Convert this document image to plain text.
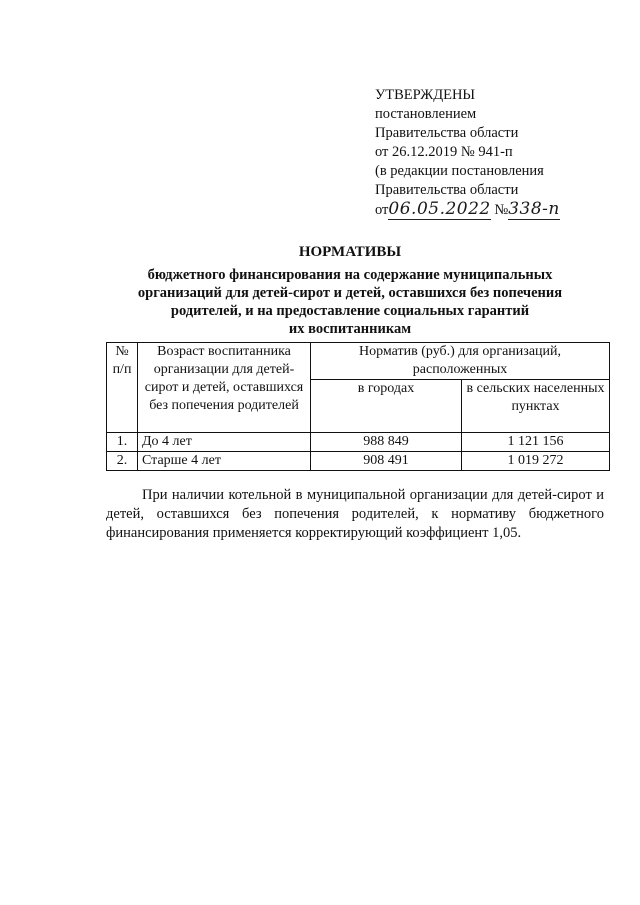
УТВЕРЖДЕНЫ
постановлением
Правительства области
от 26.12.2019 № 941-п
(в редакции постановления
Правительства области
от06.05.2022 №338-п
НОРМАТИВЫ
бюджетного финансирования на содержание муниципальных
организаций для детей-сирот и детей, оставшихся без попечения
родителей, и на предоставление социальных гарантий
их воспитанникам
№ п/п	Возраст воспитанника организации для детей-сирот и детей, оставшихся без попечения родителей	Норматив (руб.) для организаций, расположенных	
		в городах	в сельских населенных пунктах
1.	До 4 лет	988 849	1 121 156
2.	Старше 4 лет	908 491	1 019 272
При наличии котельной в муниципальной организации для детей-сирот и детей, оставшихся без попечения родителей, к нормативу бюджетного финансирования применяется корректирующий коэффициент 1,05.
